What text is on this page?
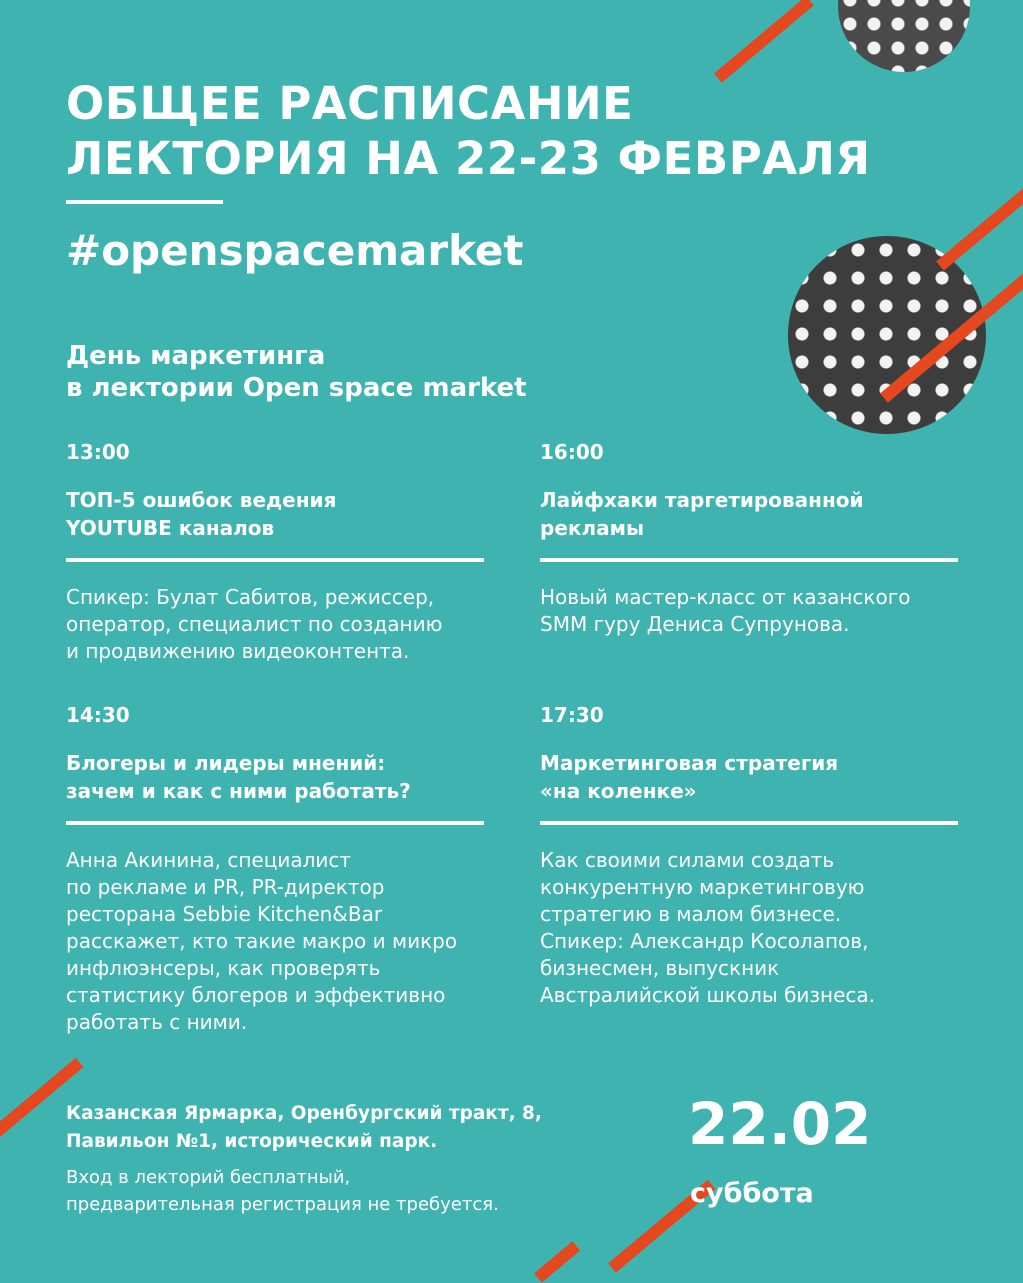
ОБЩЕЕ РАСПИСАНИЕ
ЛЕКТОРИЯ НА 22-23 ФЕВРАЛЯ
#openspacemarket
День маркетинга
в лектории Open space market
13:00
ТОП-5 ошибок ведения
YOUTUBE каналов
Спикер: Булат Сабитов, режиссер,
оператор, специалист по созданию
и продвижению видеоконтента.
16:00
Лайфхаки таргетированной
рекламы
Новый мастер-класс от казанского
SMM гуру Дениса Супрунова.
14:30
Блогеры и лидеры мнений:
зачем и как с ними работать?
Анна Акинина, специалист
по рекламе и PR, PR-директор
ресторана Sebbie Kitchen&Bar
расскажет, кто такие макро и микро
инфлюэнсеры, как проверять
статистику блогеров и эффективно
работать с ними.
17:30
Маркетинговая стратегия
«на коленке»
Как своими силами создать
конкурентную маркетинговую
стратегию в малом бизнесе.
Спикер: Александр Косолапов,
бизнесмен, выпускник
Австралийской школы бизнеса.
Казанская Ярмарка, Оренбургский тракт, 8,
Павильон №1, исторический парк.
Вход в лекторий бесплатный,
предварительная регистрация не требуется.
22.02
суббота
